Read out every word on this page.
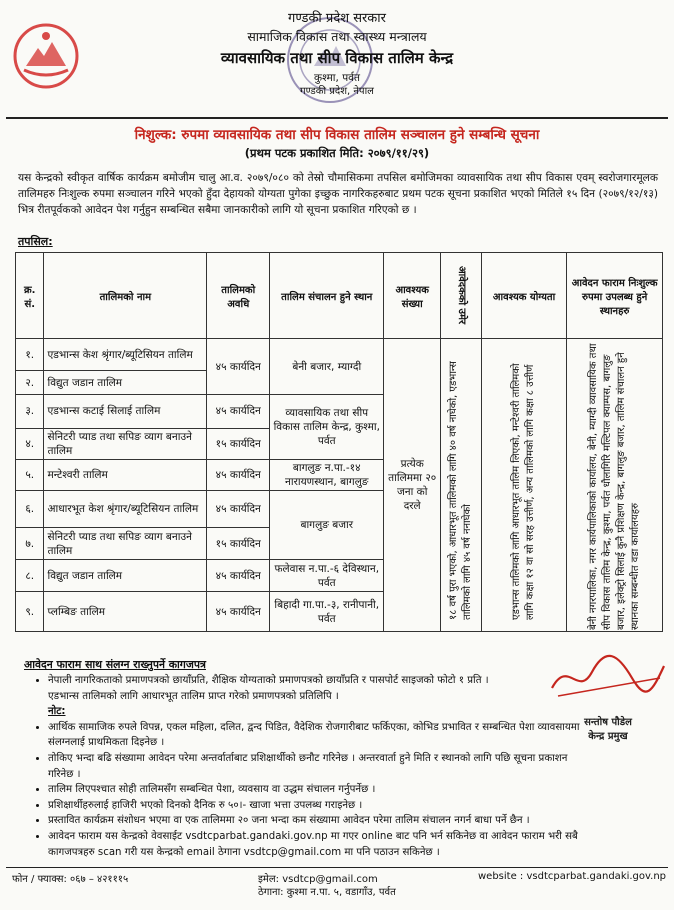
गण्डकी प्रदेश सरकार
सामाजिक विकास तथा स्वास्थ्य मन्त्रालय
व्यावसायिक तथा सीप विकास तालिम केन्द्र
कुश्मा, पर्वत
गण्डकी प्रदेश, नेपाल
निशुल्क: रुपमा व्यावसायिक तथा सीप विकास तालिम सञ्चालन हुने सम्बन्धि सूचना
(प्रथम पटक प्रकाशित मिति: २०७९/११/२९)
यस केन्द्रको स्वीकृत वार्षिक कार्यक्रम बमोजीम चालु आ.व. २०७९/०८० को तेस्रो चौमासिकमा तपसिल बमोजिमका व्यावसायिक तथा सीप विकास एवम् स्वरोजगारमूलक तालिमहरु निःशुल्क रुपमा सञ्चालन गरिने भएको हुँदा देहायको योग्यता पुगेका इच्छुक नागरिकहरुबाट प्रथम पटक सूचना प्रकाशित भएको मितिले १५ दिन (२०७९/१२/१३) भित्र रीतपूर्वकको आवेदन पेश गर्नुहुन सम्बन्धित सबैमा जानकारीको लागि यो सूचना प्रकाशित गरिएको छ ।
तपसिल:
क्र. सं.	तालिमको नाम	तालिमको अवधि	तालिम संचालन हुने स्थान	आवश्यक संख्या	आवेदकको उमेर	आवश्यक योग्यता	आवेदन फाराम निःशुल्क रुपमा उपलब्ध हुने स्थानहरु
१.	एडभान्स केश श्रृंगार/ब्यूटिसियन तालिम	४५ कार्यदिन	बेनी बजार, म्याग्दी	प्रत्येक तालिममा २० जना को दरले	१८ वर्ष पुरा भएको, आधारभूत तालिमको लागि ४० वर्ष नाघेको, एडभान्स तालिमको लागि ४५ वर्ष ननाघेको	एडभान्स तालिमको लागि आधारभूत तालिम लिएको, मन्टेश्वरी तालिमको लागि कक्षा १२ वा सो सरह उत्तीर्ण, अन्य तालिमको लागि कक्षा ८ उत्तीर्ण	बेनी नगरपालिका, नगर कार्यपालिकाको कार्यालय, बेनी, म्याग्दी व्यावसायिक तथा सीप विकास तालिम केन्द्र, कुश्मा, पर्वत धौलागिरि मल्टिपल क्याम्पस, बागलुङ बजार, इलेक्ट्रो सिलाई कुनै प्रशिक्षण केन्द्र, बागलुङ बजार, तालिम संचालन हुने स्थानका सम्बन्धीत वडा कार्यालयहरु

२.	विद्युत जडान तालिम						
३.	एडभान्स कटाई सिलाई तालिम	४५ कार्यदिन	व्यावसायिक तथा सीप विकास तालिम केन्द्र, कुश्मा, पर्वत				
४.	सेनिटरी प्याड तथा सपिङ व्याग बनाउने तालिम	१५ कार्यदिन					
५.	मन्टेश्वरी तालिम	४५ कार्यदिन	बागलुङ न.पा.-१४ नारायणस्थान, बागलुङ				
६.	आधारभूत केश श्रृंगार/ब्यूटिसियन तालिम	४५ कार्यदिन	बागलुङ बजार				
७.	सेनिटरी प्याड तथा सपिङ व्याग बनाउने तालिम	१५ कार्यदिन					
८.	विद्युत जडान तालिम	४५ कार्यदिन	फलेवास न.पा.-६ देविस्थान, पर्वत				
९.	प्लम्बिङ तालिम	४५ कार्यदिन	बिहादी गा.पा.-३, रानीपानी, पर्वत				
आवेदन फाराम साथ संलग्न राख्नुपर्ने कागजपत्र
• नेपाली नागरिकताको प्रमाणपत्रको छायाँप्रति, शैक्षिक योग्यताको प्रमाणपत्रको छायाँप्रति र पासपोर्ट साइजको फोटो १ प्रति ।
एडभान्स तालिमको लागि आधारभूत तालिम प्राप्त गरेको प्रमाणपत्रको प्रतिलिपि ।
नोट:
• आर्थिक सामाजिक रुपले विपन्न, एकल महिला, दलित, द्वन्द पिडित, वैदेशिक रोजगारीबाट फर्किएका, कोभिड प्रभावित र सम्बन्धित पेशा व्यावसायमा संलग्नलाई प्राथमिकता दिइनेछ ।
• तोकिए भन्दा बढि संख्यामा आवेदन परेमा अन्तर्वार्ताबाट प्रशिक्षार्थीको छनौट गरिनेछ । अन्तरवार्ता हुने मिति र स्थानको लागि पछि सूचना प्रकाशन गरिनेछ ।
• तालिम लिएपश्चात सोही तालिमसँग सम्बन्धित पेशा, व्यवसाय वा उद्धम संचालन गर्नुपर्नेछ ।
• प्रशिक्षार्थीहरुलाई हाजिरी भएको दिनको दैनिक रु ५०।- खाजा भत्ता उपलब्ध गराइनेछ ।
• प्रस्तावित कार्यक्रम संशोधन भएमा वा एक तालिममा २० जना भन्दा कम संख्यामा आवेदन परेमा तालिम संचालन नगर्न बाधा पर्ने छैन ।
• आवेदन फाराम यस केन्द्रको वेवसाईट vsdtcparbat.gandaki.gov.np मा गएर online बाट पनि भर्न सकिनेछ वा आवेदन फाराम भरी सबै कागजपत्रहरु scan गरी यस केन्द्रको email ठेगाना vsdtcp@gmail.com मा पनि पठाउन सकिनेछ ।
सन्तोष पौडेल
केन्द्र प्रमुख
फोन / फ्याक्स: ०६७ – ४२१११५	इमेल: vsdtcp@gmail.com
ठेगाना: कुश्मा न.पा. ५, वडागाँउ, पर्वत
website : vsdtcparbat.gandaki.gov.np
